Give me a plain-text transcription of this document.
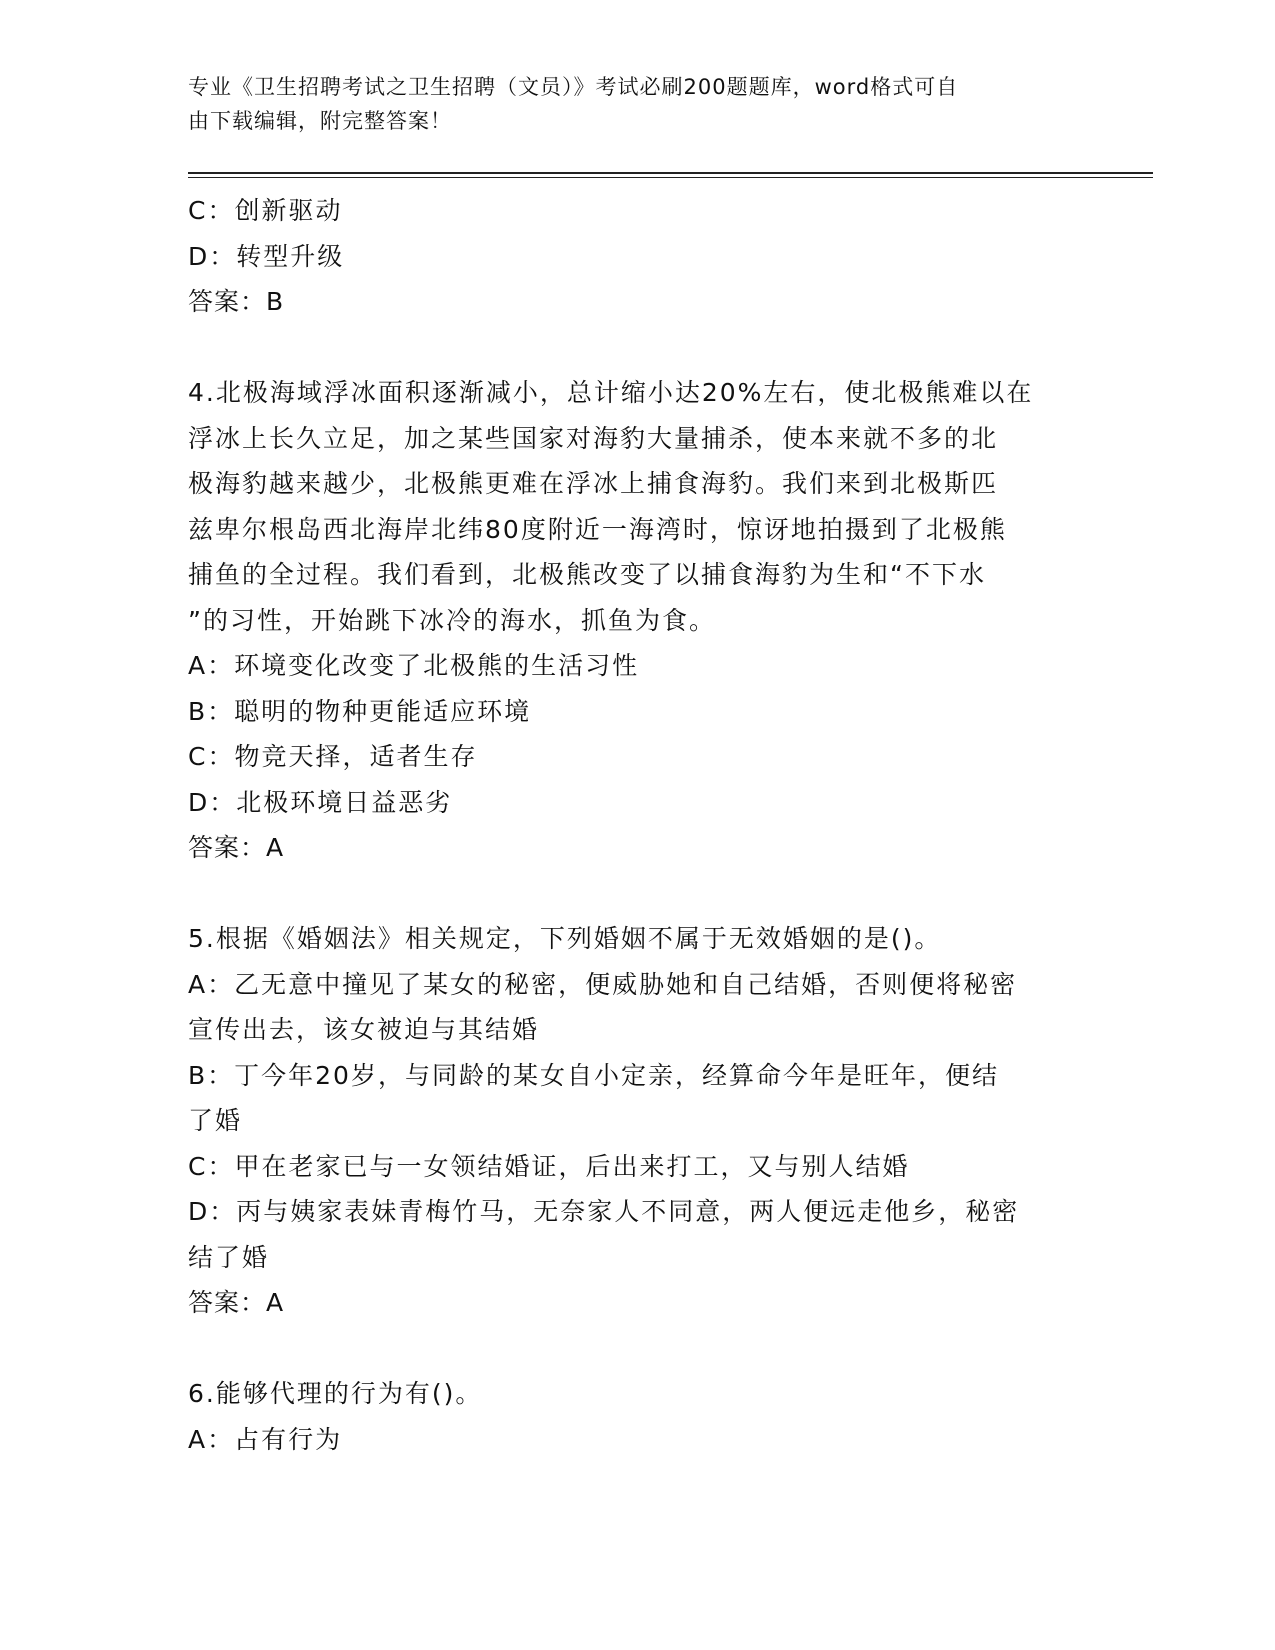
专业《卫生招聘考试之卫生招聘（文员）》考试必刷200题题库，word格式可自

由下载编辑，附完整答案！

C：创新驱动

D：转型升级

答案：B

4.北极海域浮冰面积逐渐减小，总计缩小达20%左右，使北极熊难以在

浮冰上长久立足，加之某些国家对海豹大量捕杀，使本来就不多的北

极海豹越来越少，北极熊更难在浮冰上捕食海豹。我们来到北极斯匹

兹卑尔根岛西北海岸北纬80度附近一海湾时，惊讶地拍摄到了北极熊

捕鱼的全过程。我们看到，北极熊改变了以捕食海豹为生和“不下水

”的习性，开始跳下冰冷的海水，抓鱼为食。

A：环境变化改变了北极熊的生活习性

B：聪明的物种更能适应环境

C：物竞天择，适者生存

D：北极环境日益恶劣

答案：A

5.根据《婚姻法》相关规定，下列婚姻不属于无效婚姻的是()。

A：乙无意中撞见了某女的秘密，便威胁她和自己结婚，否则便将秘密

宣传出去，该女被迫与其结婚

B：丁今年20岁，与同龄的某女自小定亲，经算命今年是旺年，便结

了婚

C：甲在老家已与一女领结婚证，后出来打工，又与别人结婚

D：丙与姨家表妹青梅竹马，无奈家人不同意，两人便远走他乡，秘密

结了婚

答案：A

6.能够代理的行为有()。

A：占有行为
